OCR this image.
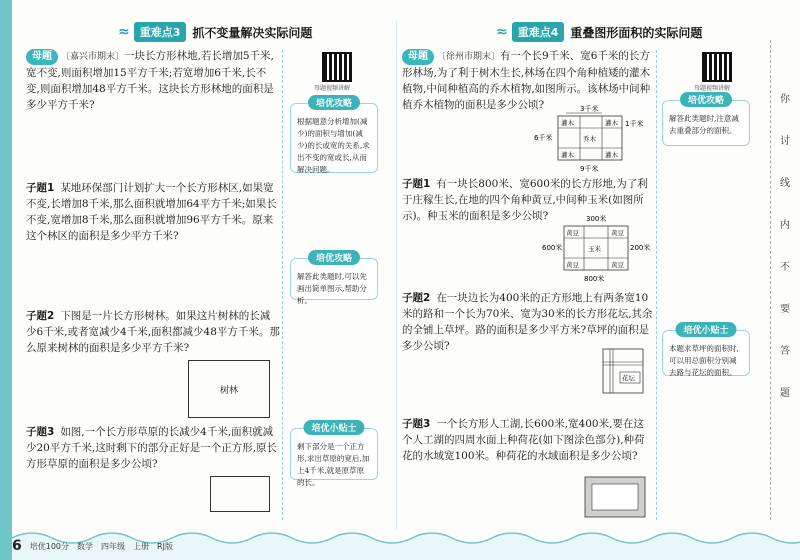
≈	重难点3	抓不变量解决实际问题	≈	重难点4	重叠图形面积的实际问题
母题视频讲解	母题视频讲解
母题 〔嘉兴市期末〕一块长方形林地,若长增加5千米,宽不变,则面积增加15平方千米;若宽增加6千米,长不变,则面积增加48平方千米。这块长方形林地的面积是多少平方千米?
子题1 某地环保部门计划扩大一个长方形林区,如果宽不变,长增加8千米,那么面积就增加64平方千米;如果长不变,宽增加8千米,那么面积就增加96平方千米。原来这个林区的面积是多少平方千米?
子题2 下图是一片长方形树林。如果这片树林的长减少6千米,或者宽减少4千米,面积都减少48平方千米。那么原来树林的面积是多少平方千米?
树林
子题3 如图,一个长方形草原的长减少4千米,面积就减少20平方千米,这时剩下的部分正好是一个正方形,原长方形草原的面积是多少公顷?
培优攻略
根据题意分析增加(减少)的面积与增加(减少)的长或宽的关系,求出不变的宽或长,从而解决问题。
培优攻略
解答此类题时,可以先画出简单图示,帮助分析。
培优小贴士
剩下部分是一个正方形,求出草原的宽后,加上4千米,就是原草原的长。
母题 〔徐州市期末〕有一个长9千米、宽6千米的长方形林场,为了利于树木生长,林场在四个角种植矮的灌木植物,中间种植高的乔木植物,如图所示。该林场中间种植乔木植物的面积是多少公顷?	3千米
6千米
1千米
灌木	灌木
灌木	灌木
乔木
9千米
子题1 有一块长800米、宽600米的长方形地,为了利于庄稼生长,在地的四个角种黄豆,中间种玉米(如图所示)。种玉米的面积是多少公顷?	300米
600米	200米
黄豆	黄豆
黄豆	黄豆
玉米
800米
子题2 在一块边长为400米的正方形地上有两条宽10米的路和一个长为70米、宽为30米的长方形花坛,其余的全铺上草坪。路的面积是多少平方米?草坪的面积是多少公顷?
花坛
子题3 一个长方形人工湖,长600米,宽400米,要在这个人工湖的四周水面上种荷花(如下图涂色部分),种荷花的水域宽100米。种荷花的水域面积是多少公顷?
培优攻略
解答此类题时,注意减去重叠部分的面积。
培优小贴士
本题求草坪的面积时,可以用总面积分别减去路与花坛的面积。
你
讨
线
内
不
要
答
题
6 培优100分 数学 四年级 上册 RJ版
